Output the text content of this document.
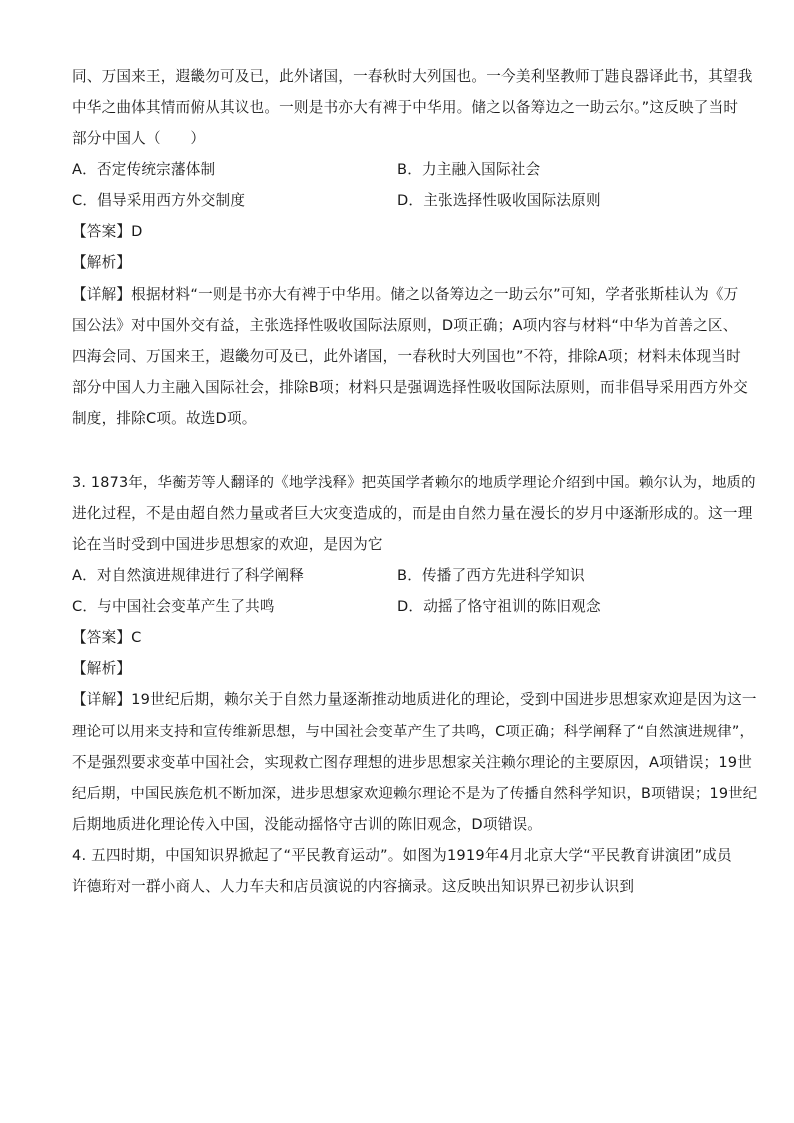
同、万国来王，遐畿勿可及已，此外诸国，一春秋时大列国也。一今美利坚教师丁韪良器译此书，其望我
中华之曲体其情而俯从其议也。一则是书亦大有裨于中华用。储之以备筹边之一助云尔。”这反映了当时
部分中国人（　　）
A．否定传统宗藩体制	B．力主融入国际社会
C．倡导采用西方外交制度	D．主张选择性吸收国际法原则
【答案】D
【解析】
【详解】根据材料“一则是书亦大有裨于中华用。储之以备筹边之一助云尔”可知，学者张斯桂认为《万
国公法》对中国外交有益，主张选择性吸收国际法原则，D项正确；A项内容与材料“中华为首善之区、
四海会同、万国来王，遐畿勿可及已，此外诸国，一春秋时大列国也”不符，排除A项；材料未体现当时
部分中国人力主融入国际社会，排除B项；材料只是强调选择性吸收国际法原则，而非倡导采用西方外交
制度，排除C项。故选D项。
3. 1873年，华蘅芳等人翻译的《地学浅释》把英国学者赖尔的地质学理论介绍到中国。赖尔认为，地质的
进化过程，不是由超自然力量或者巨大灾变造成的，而是由自然力量在漫长的岁月中逐渐形成的。这一理
论在当时受到中国进步思想家的欢迎，是因为它
A．对自然演进规律进行了科学阐释	B．传播了西方先进科学知识
C．与中国社会变革产生了共鸣	D．动摇了恪守祖训的陈旧观念
【答案】C
【解析】
【详解】19世纪后期，赖尔关于自然力量逐渐推动地质进化的理论，受到中国进步思想家欢迎是因为这一
理论可以用来支持和宣传维新思想，与中国社会变革产生了共鸣，C项正确；科学阐释了“自然演进规律”，
不是强烈要求变革中国社会，实现救亡图存理想的进步思想家关注赖尔理论的主要原因，A项错误；19世
纪后期，中国民族危机不断加深，进步思想家欢迎赖尔理论不是为了传播自然科学知识，B项错误；19世纪
后期地质进化理论传入中国，没能动摇恪守古训的陈旧观念，D项错误。
4. 五四时期，中国知识界掀起了“平民教育运动”。如图为1919年4月北京大学“平民教育讲演团”成员
许德珩对一群小商人、人力车夫和店员演说的内容摘录。这反映出知识界已初步认识到
